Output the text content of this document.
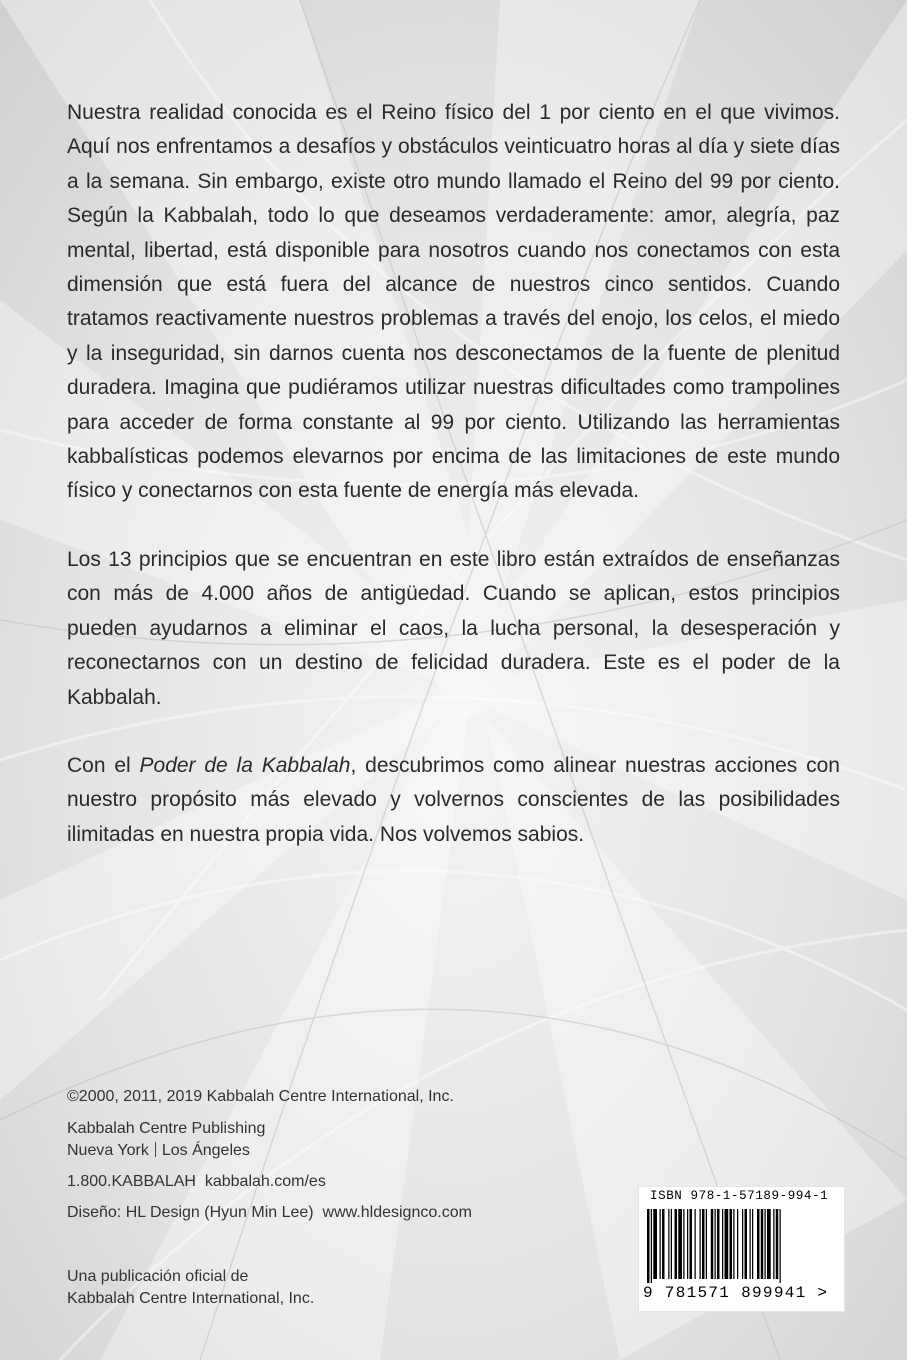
Nuestra realidad conocida es el Reino físico del 1 por ciento en el que vivimos. Aquí nos enfrentamos a desafíos y obstáculos veinticuatro horas al día y siete días a la semana. Sin embargo, existe otro mundo llamado el Reino del 99 por ciento. Según la Kabbalah, todo lo que deseamos verdaderamente: amor, alegría, paz mental, libertad, está disponible para nosotros cuando nos conectamos con esta dimensión que está fuera del alcance de nuestros cinco sentidos. Cuando tratamos reactivamente nuestros problemas a través del enojo, los celos, el miedo y la inseguridad, sin darnos cuenta nos desconectamos de la fuente de plenitud duradera. Imagina que pudiéramos utilizar nuestras dificultades como trampolines para acceder de forma constante al 99 por ciento. Utilizando las herramientas kabbalísticas podemos elevarnos por encima de las limitaciones de este mundo físico y conectarnos con esta fuente de energía más elevada.

Los 13 principios que se encuentran en este libro están extraídos de enseñanzas con más de 4.000 años de antigüedad. Cuando se aplican, estos principios pueden ayudarnos a eliminar el caos, la lucha personal, la desesperación y reconectarnos con un destino de felicidad duradera. Este es el poder de la Kabbalah.

Con el Poder de la Kabbalah, descubrimos como alinear nuestras acciones con nuestro propósito más elevado y volvernos conscientes de las posibilidades ilimitadas en nuestra propia vida. Nos volvemos sabios.

©2000, 2011, 2019 Kabbalah Centre International, Inc.
Kabbalah Centre Publishing
Nueva York Los Ángeles
1.800.KABBALAH kabbalah.com/es
Diseño: HL Design (Hyun Min Lee) www.hldesignco.com
Una publicación oficial de
Kabbalah Centre International, Inc.
ISBN 978-1-57189-994-1
9 781571 899941 >
